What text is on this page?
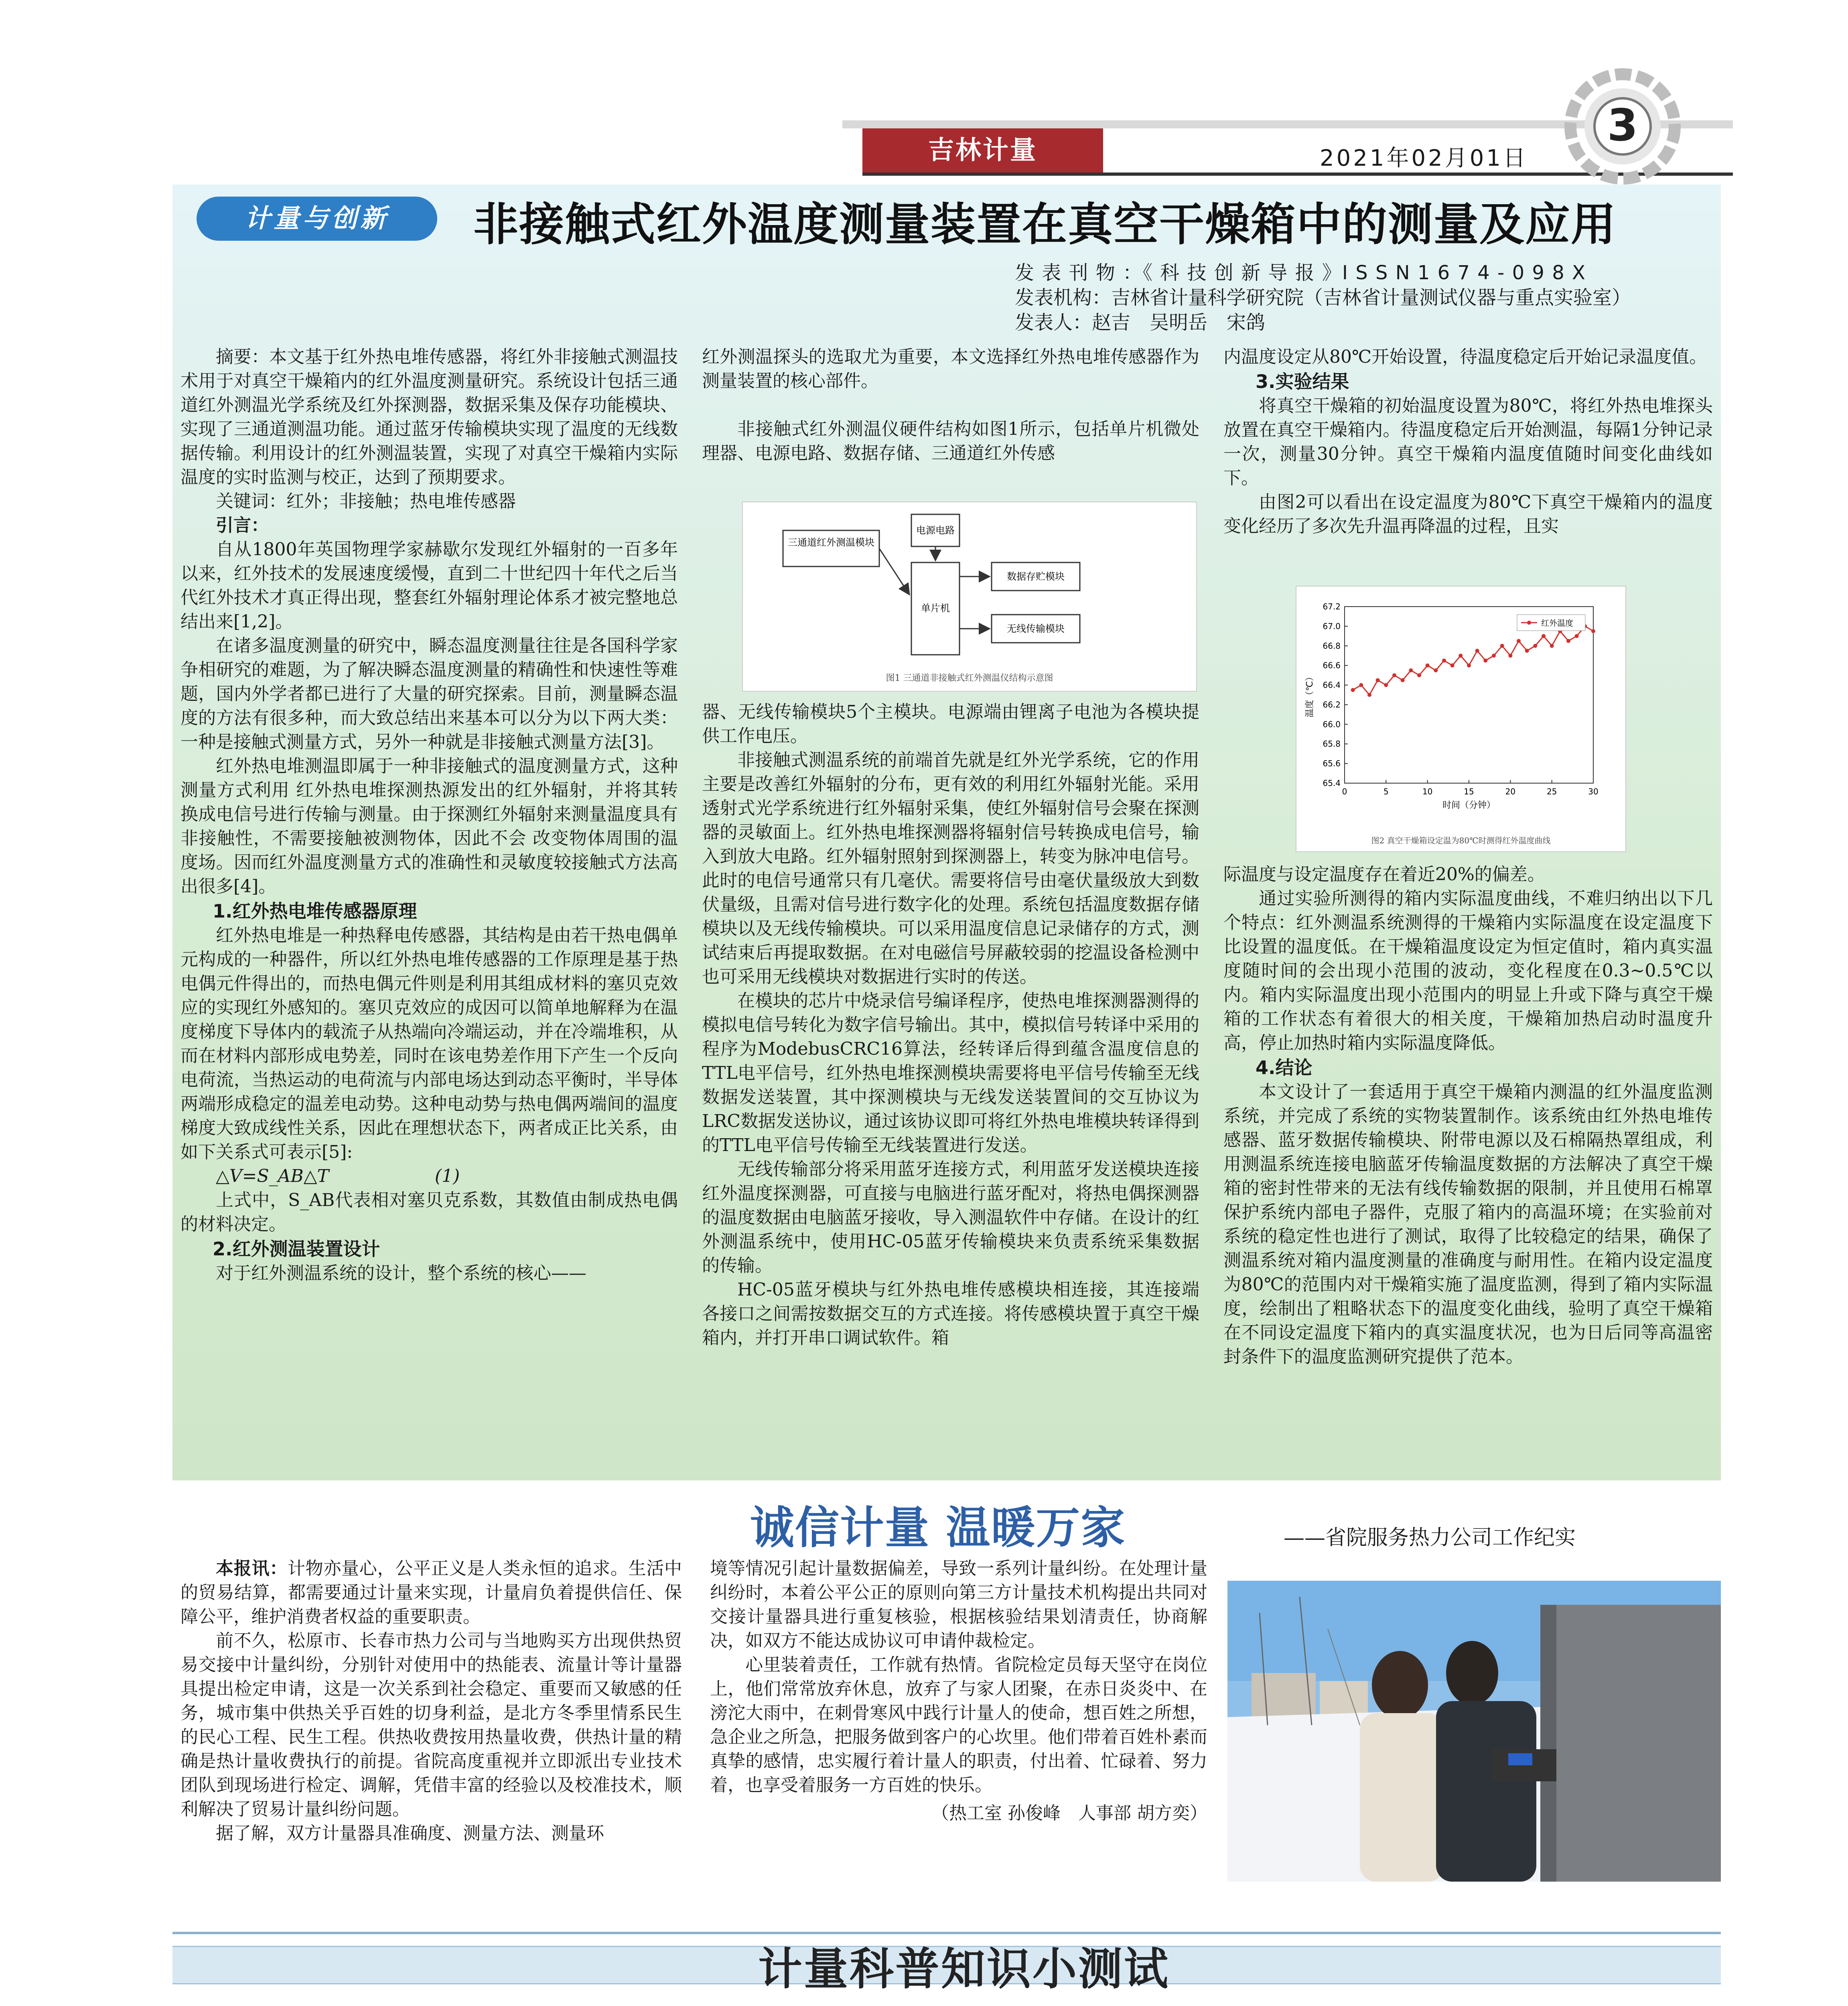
吉林计量	2021年02月01日
3
计量与创新	非接触式红外温度测量装置在真空干燥箱中的测量及应用
发 表 刊 物 ：《 科 技 创 新 导 报 》I S S N 1 6 7 4 - 0 9 8 X
发表机构：吉林省计量科学研究院（吉林省计量测试仪器与重点实验室）
发表人：赵吉　吴明岳　宋鸽

摘要：本文基于红外热电堆传感器，将红外非接触式测温技术用于对真空干燥箱内的红外温度测量研究。系统设计包括三通道红外测温光学系统及红外探测器，数据采集及保存功能模块、实现了三通道测温功能。通过蓝牙传输模块实现了温度的无线数据传输。利用设计的红外测温装置，实现了对真空干燥箱内实际温度的实时监测与校正，达到了预期要求。

关键词：红外；非接触；热电堆传感器

引言：

自从1800年英国物理学家赫歇尔发现红外辐射的一百多年以来，红外技术的发展速度缓慢，直到二十世纪四十年代之后当代红外技术才真正得出现，整套红外辐射理论体系才被完整地总结出来[1,2]。

在诸多温度测量的研究中，瞬态温度测量往往是各国科学家争相研究的难题，为了解决瞬态温度测量的精确性和快速性等难题，国内外学者都已进行了大量的研究探索。目前，测量瞬态温度的方法有很多种，而大致总结出来基本可以分为以下两大类：一种是接触式测量方式，另外一种就是非接触式测量方法[3]。

红外热电堆测温即属于一种非接触式的温度测量方式，这种测量方式利用 红外热电堆探测热源发出的红外辐射，并将其转换成电信号进行传输与测量。由于探测红外辐射来测量温度具有非接触性，不需要接触被测物体，因此不会 改变物体周围的温度场。因而红外温度测量方式的准确性和灵敏度较接触式方法高出很多[4]。

1.红外热电堆传感器原理

红外热电堆是一种热释电传感器，其结构是由若干热电偶单元构成的一种器件，所以红外热电堆传感器的工作原理是基于热电偶元件得出的，而热电偶元件则是利用其组成材料的塞贝克效应的实现红外感知的。塞贝克效应的成因可以简单地解释为在温度梯度下导体内的载流子从热端向冷端运动，并在冷端堆积，从而在材料内部形成电势差，同时在该电势差作用下产生一个反向电荷流，当热运动的电荷流与内部电场达到动态平衡时，半导体两端形成稳定的温差电动势。这种电动势与热电偶两端间的温度梯度大致成线性关系，因此在理想状态下，两者成正比关系，由如下关系式可表示[5]:

△V=S_AB△T　　　　　　(1)

上式中，S_AB代表相对塞贝克系数，其数值由制成热电偶的材料决定。

2.红外测温装置设计

对于红外测温系统的设计，整个系统的核心——

红外测温探头的选取尤为重要，本文选择红外热电堆传感器作为测量装置的核心部件。

非接触式红外测温仪硬件结构如图1所示，包括单片机微处理器、电源电路、数据存储、三通道红外传感

三通道红外测温模块
电源电路
单片机
数据存贮模块
无线传输模块
图1 三通道非接触式红外测温仪结构示意图

器、无线传输模块5个主模块。电源端由锂离子电池为各模块提供工作电压。

非接触式测温系统的前端首先就是红外光学系统，它的作用主要是改善红外辐射的分布，更有效的利用红外辐射光能。采用透射式光学系统进行红外辐射采集，使红外辐射信号会聚在探测器的灵敏面上。红外热电堆探测器将辐射信号转换成电信号，输入到放大电路。红外辐射照射到探测器上，转变为脉冲电信号。此时的电信号通常只有几毫伏。需要将信号由毫伏量级放大到数伏量级，且需对信号进行数字化的处理。系统包括温度数据存储模块以及无线传输模块。可以采用温度信息记录储存的方式，测试结束后再提取数据。在对电磁信号屏蔽较弱的挖温设备检测中也可采用无线模块对数据进行实时的传送。

在模块的芯片中烧录信号编译程序，使热电堆探测器测得的模拟电信号转化为数字信号输出。其中，模拟信号转译中采用的程序为ModebusCRC16算法，经转译后得到蕴含温度信息的TTL电平信号，红外热电堆探测模块需要将电平信号传输至无线数据发送装置，其中探测模块与无线发送装置间的交互协议为LRC数据发送协议，通过该协议即可将红外热电堆模块转译得到的TTL电平信号传输至无线装置进行发送。

无线传输部分将采用蓝牙连接方式，利用蓝牙发送模块连接红外温度探测器，可直接与电脑进行蓝牙配对，将热电偶探测器的温度数据由电脑蓝牙接收，导入测温软件中存储。在设计的红外测温系统中，使用HC-05蓝牙传输模块来负责系统采集数据的传输。

HC-05蓝牙模块与红外热电堆传感模块相连接，其连接端各接口之间需按数据交互的方式连接。将传感模块置于真空干燥箱内，并打开串口调试软件。箱

内温度设定从80℃开始设置，待温度稳定后开始记录温度值。

3.实验结果

将真空干燥箱的初始温度设置为80℃，将红外热电堆探头放置在真空干燥箱内。待温度稳定后开始测温，每隔1分钟记录一次，测量30分钟。真空干燥箱内温度值随时间变化曲线如下。

由图2可以看出在设定温度为80℃下真空干燥箱内的温度变化经历了多次先升温再降温的过程，且实

0	5	10	15	20	25	30
65.4
65.6
65.8
66.0
66.2
66.4
66.6
66.8
67.0
67.2
时间（分钟）
温度（℃）
红外温度
图2 真空干燥箱设定温为80℃时测得红外温度曲线

际温度与设定温度存在着近20%的偏差。

通过实验所测得的箱内实际温度曲线，不难归纳出以下几个特点：红外测温系统测得的干燥箱内实际温度在设定温度下比设置的温度低。在干燥箱温度设定为恒定值时，箱内真实温度随时间的会出现小范围的波动，变化程度在0.3~0.5℃以内。箱内实际温度出现小范围内的明显上升或下降与真空干燥箱的工作状态有着很大的相关度，干燥箱加热启动时温度升高，停止加热时箱内实际温度降低。

4.结论

本文设计了一套适用于真空干燥箱内测温的红外温度监测系统，并完成了系统的实物装置制作。该系统由红外热电堆传感器、蓝牙数据传输模块、附带电源以及石棉隔热罩组成，利用测温系统连接电脑蓝牙传输温度数据的方法解决了真空干燥箱的密封性带来的无法有线传输数据的限制，并且使用石棉罩保护系统内部电子器件，克服了箱内的高温环境；在实验前对系统的稳定性也进行了测试，取得了比较稳定的结果，确保了测温系统对箱内温度测量的准确度与耐用性。在箱内设定温度为80℃的范围内对干燥箱实施了温度监测，得到了箱内实际温度，绘制出了粗略状态下的温度变化曲线，验明了真空干燥箱在不同设定温度下箱内的真实温度状况，也为日后同等高温密封条件下的温度监测研究提供了范本。

诚信计量 温暖万家	——省院服务热力公司工作纪实

本报讯：计物亦量心，公平正义是人类永恒的追求。生活中的贸易结算，都需要通过计量来实现，计量肩负着提供信任、保障公平，维护消费者权益的重要职责。

前不久，松原市、长春市热力公司与当地购买方出现供热贸易交接中计量纠纷，分别针对使用中的热能表、流量计等计量器具提出检定申请，这是一次关系到社会稳定、重要而又敏感的任务，城市集中供热关乎百姓的切身利益，是北方冬季里情系民生的民心工程、民生工程。供热收费按用热量收费，供热计量的精确是热计量收费执行的前提。省院高度重视并立即派出专业技术团队到现场进行检定、调解，凭借丰富的经验以及校准技术，顺利解决了贸易计量纠纷问题。

据了解，双方计量器具准确度、测量方法、测量环

境等情况引起计量数据偏差，导致一系列计量纠纷。在处理计量纠纷时，本着公平公正的原则向第三方计量技术机构提出共同对交接计量器具进行重复核验，根据核验结果划清责任，协商解决，如双方不能达成协议可申请仲裁检定。

心里装着责任，工作就有热情。省院检定员每天坚守在岗位上，他们常常放弃休息，放弃了与家人团聚，在赤日炎炎中、在滂沱大雨中，在刺骨寒风中践行计量人的使命，想百姓之所想，急企业之所急，把服务做到客户的心坎里。他们带着百姓朴素而真挚的感情，忠实履行着计量人的职责，付出着、忙碌着、努力着，也享受着服务一方百姓的快乐。

（热工室 孙俊峰　人事部 胡方奕）

计量科普知识小测试
